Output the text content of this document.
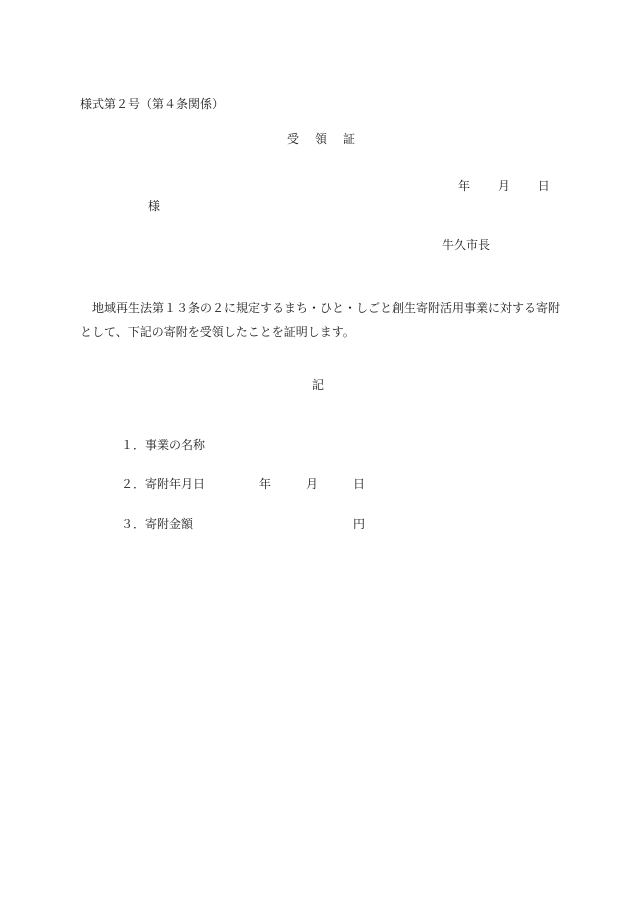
様式第２号（第４条関係）
受　領　証
年 月 日
様
牛久市長
地域再生法第１３条の２に規定するまち・ひと・しごと創生寄附活用事業に対する寄附として、下記の寄附を受領したことを証明します。
記
１．事業の名称
２．寄附年月日
３．寄附金額
年	月	日
円
